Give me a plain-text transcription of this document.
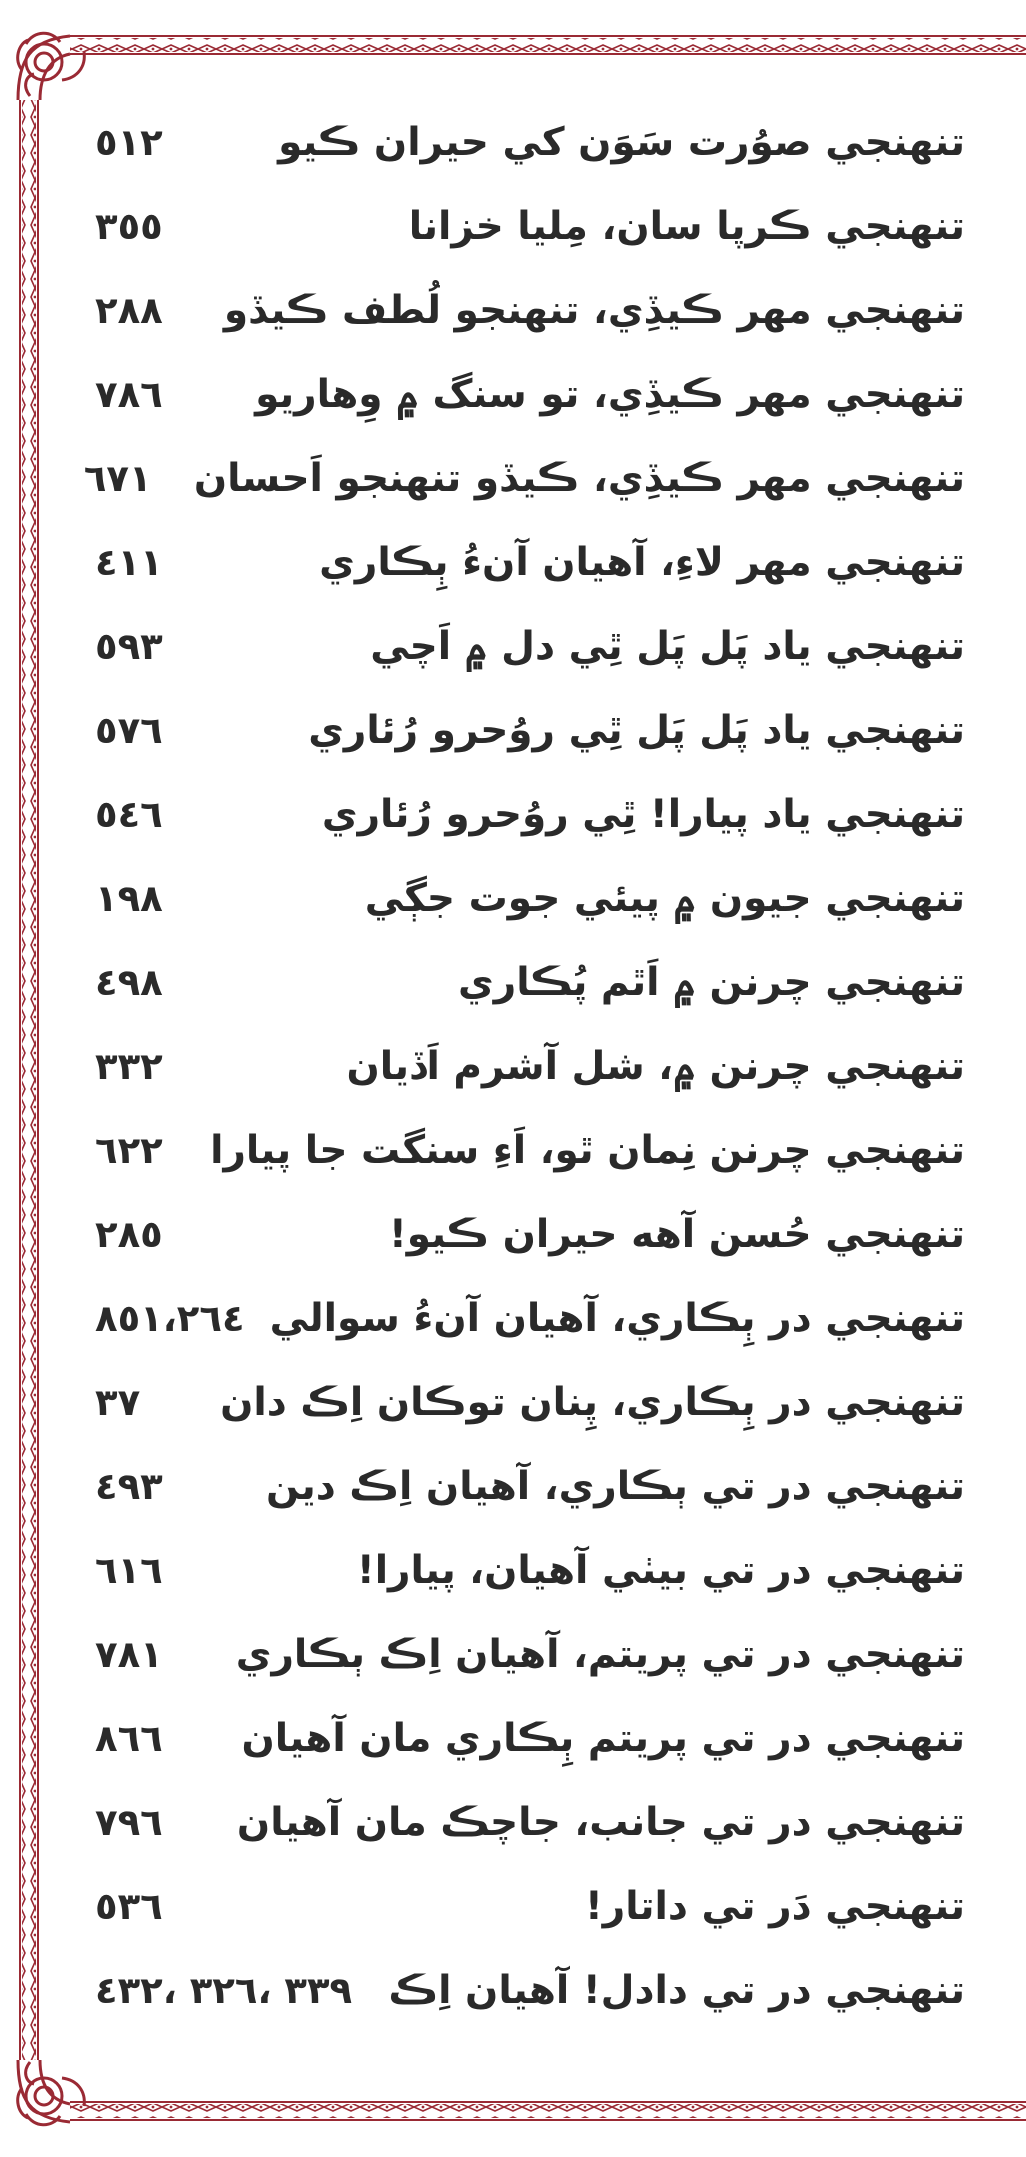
تنهنجي صوُرت سَوَن کي حيران ڪيو
٥١٢
تنهنجي ڪرپا سان، مِليا خزانا
٣٥٥
تنهنجي مهر ڪيڏِي، تنهنجو لُطف ڪيڏو
٢٨٨
تنهنجي مهر ڪيڏِي، تو سنگ ۾ وِهاريو
٧٨٦
تنهنجي مهر ڪيڏِي، ڪيڏو تنهنجو اَحسان
٦٧١
تنهنجي مهر لاءِ، آهيان آنءُ ٻِڪاري
٤١١
تنهنجي ياد پَل پَل ٿِي دل ۾ اَچي
٥٩٣
تنهنجي ياد پَل پَل ٿِي روُحرو رُئاري
٥٧٦
تنهنجي ياد پيارا! ٿِي روُحرو رُئاري
٥٤٦
تنهنجي جيون ۾ پيئي جوت جڳي
١٩٨
تنهنجي چرنن ۾ اَٿم پُڪاري
٤٩٨
تنهنجي چرنن ۾، شل آشرم اَڏيان
٣٣٢
تنهنجي چرنن نِمان ٿو، اَءِ سنگت جا پيارا
٦٢٢
تنهنجي حُسن آهه حيران ڪيو!
٢٨٥
تنهنجي در ٻِڪاري، آهيان آنءُ سوالي
٨٥١،٢٦٤
تنهنجي در ٻِڪاري، پِنان توڪان اِڪ دان
٣٧
تنهنجي در تي ٻڪاري، آهيان اِڪ دين
٤٩٣
تنهنجي در تي بيٺي آهيان، پيارا!
٦١٦
تنهنجي در تي پريتم، آهيان اِڪ ٻڪاري
٧٨١
تنهنجي در تي پريتم ٻِڪاري مان آهيان
٨٦٦
تنهنجي در تي جانب، جاچڪ مان آهيان
٧٩٦
تنهنجي دَر تي داتار!
٥٣٦
تنهنجي در تي دادل! آهيان اِڪ
٣٣٩ ،٣٢٦ ،٤٣٢
